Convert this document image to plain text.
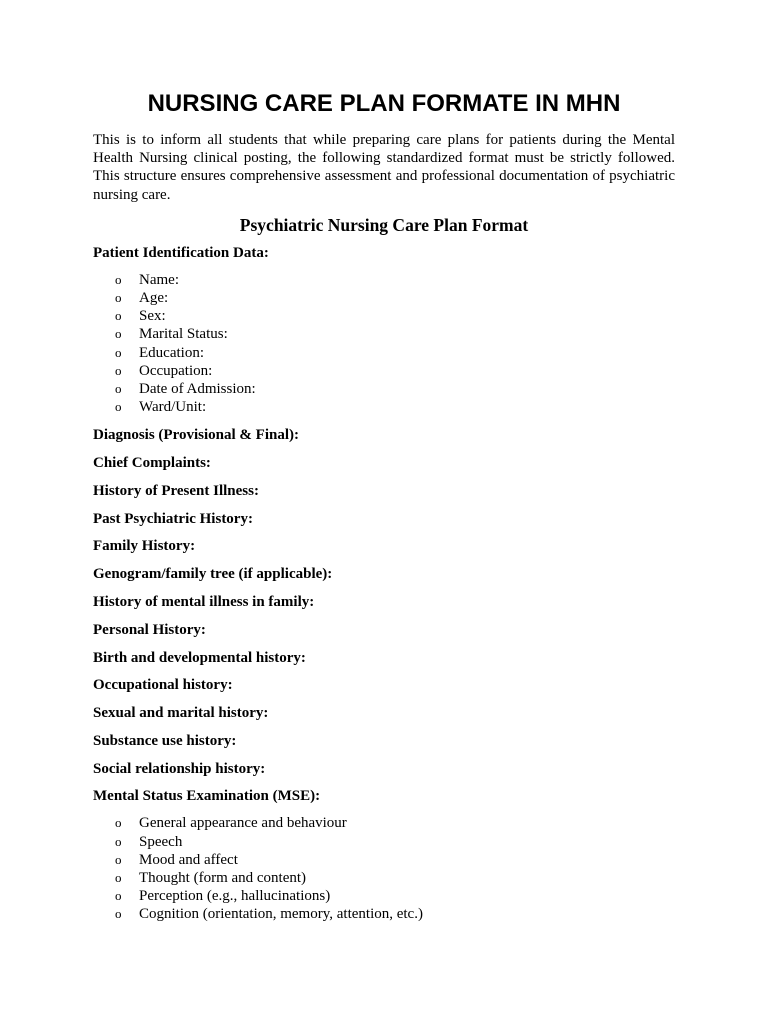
NURSING CARE PLAN FORMATE IN MHN
This is to inform all students that while preparing care plans for patients during the Mental Health Nursing clinical posting, the following standardized format must be strictly followed. This structure ensures comprehensive assessment and professional documentation of psychiatric nursing care.
Psychiatric Nursing Care Plan Format

Patient Identification Data:

o Name:
o Age:
o Sex:
o Marital Status:
o Education:
o Occupation:
o Date of Admission:
o Ward/Unit:

Diagnosis (Provisional & Final):

Chief Complaints:

History of Present Illness:

Past Psychiatric History:

Family History:

Genogram/family tree (if applicable):

History of mental illness in family:

Personal History:

Birth and developmental history:

Occupational history:

Sexual and marital history:

Substance use history:

Social relationship history:

Mental Status Examination (MSE):

o General appearance and behaviour
o Speech
o Mood and affect
o Thought (form and content)
o Perception (e.g., hallucinations)
o Cognition (orientation, memory, attention, etc.)
